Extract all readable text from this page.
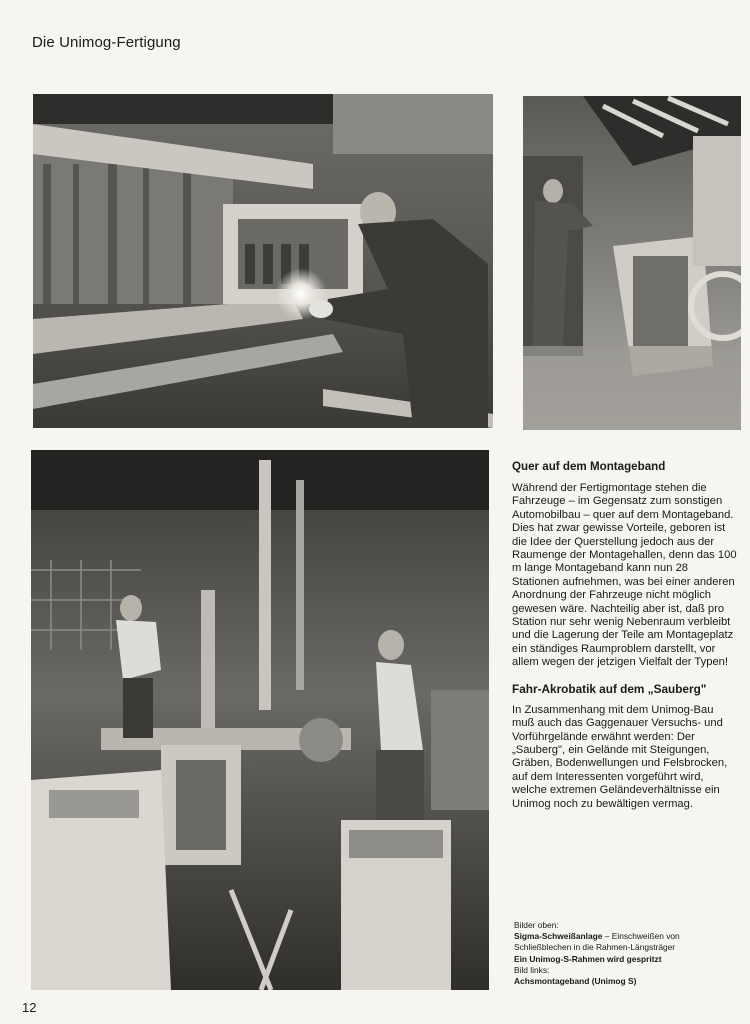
Die Unimog-Fertigung
Quer auf dem Montageband

Während der Fertigmontage stehen die Fahrzeuge – im Gegensatz zum sonstigen Automobilbau – quer auf dem Montageband. Dies hat zwar gewisse Vorteile, geboren ist die Idee der Querstellung jedoch aus der Raumenge der Montagehallen, denn das 100 m lange Montageband kann nun 28 Stationen aufnehmen, was bei einer anderen Anordnung der Fahrzeuge nicht möglich gewesen wäre. Nachteilig aber ist, daß pro Station nur sehr wenig Nebenraum verbleibt und die Lagerung der Teile am Montageplatz ein ständiges Raumproblem darstellt, vor allem wegen der jetzigen Vielfalt der Typen!

Fahr-Akrobatik auf dem „Sauberg"

In Zusammenhang mit dem Unimog-Bau muß auch das Gaggenauer Versuchs- und Vorführgelände erwähnt werden: Der „Sauberg", ein Gelände mit Steigungen, Gräben, Bodenwellungen und Felsbrocken, auf dem Interessenten vorgeführt wird, welche extremen Geländeverhältnisse ein Unimog noch zu bewältigen vermag.

Bilder oben:
Sigma-Schweißanlage – Einschweißen von
Schließblechen in die Rahmen-Längsträger
Ein Unimog-S-Rahmen wird gespritzt
Bild links:
Achsmontageband (Unimog S)
12
